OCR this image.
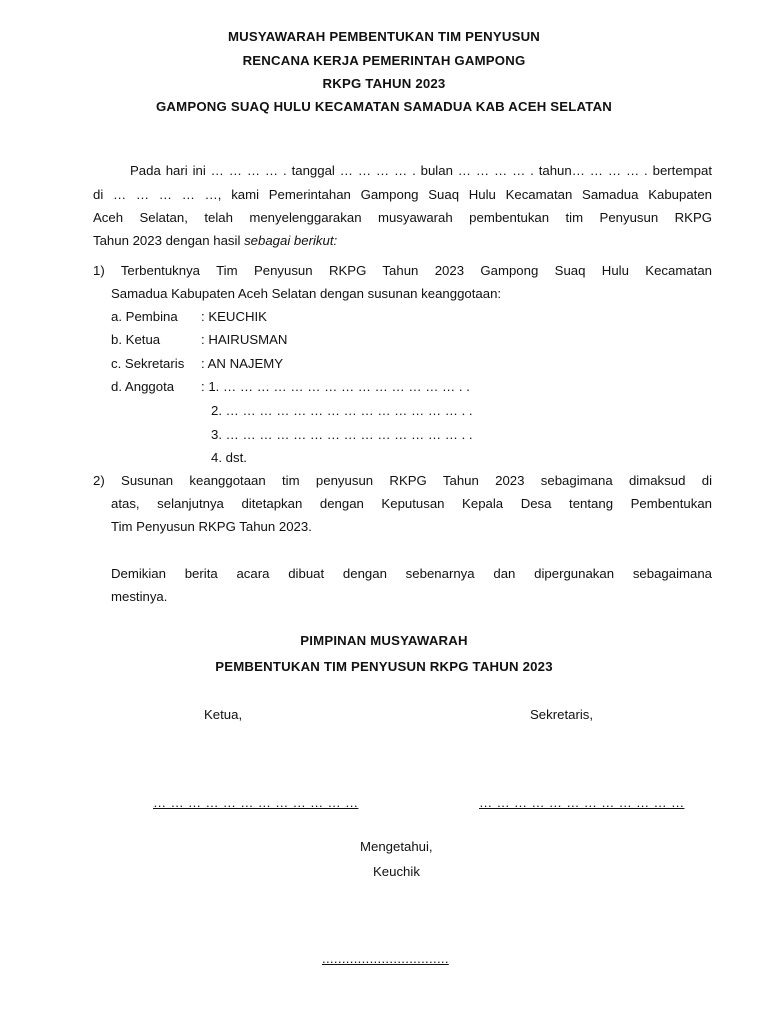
MUSYAWARAH PEMBENTUKAN TIM PENYUSUN
RENCANA KERJA PEMERINTAH GAMPONG
RKPG TAHUN 2023
GAMPONG SUAQ HULU KECAMATAN SAMADUA KAB ACEH SELATAN
Pada hari ini … … … … . tanggal … … … … . bulan … … … … . tahun… … … … . bertempat
di … … … … …, kami Pemerintahan Gampong Suaq Hulu Kecamatan Samadua Kabupaten
Aceh Selatan, telah menyelenggarakan musyawarah pembentukan tim Penyusun RKPG
Tahun 2023 dengan hasil sebagai berikut:
1) Terbentuknya Tim Penyusun RKPG Tahun 2023 Gampong Suaq Hulu Kecamatan
Samadua Kabupaten Aceh Selatan dengan susunan keanggotaan:
a. Pembina : KEUCHIK
b. Ketua	: HAIRUSMAN
c. Sekretaris : AN NAJEMY
d. Anggota : 1. … … … … … … … … … … … … … … . .
2. … … … … … … … … … … … … … … . .
3. … … … … … … … … … … … … … … . .
4. dst.
2) Susunan keanggotaan tim penyusun RKPG Tahun 2023 sebagimana dimaksud di
atas, selanjutnya ditetapkan dengan Keputusan Kepala Desa tentang Pembentukan
Tim Penyusun RKPG Tahun 2023.
Demikian berita acara dibuat dengan sebenarnya dan dipergunakan sebagaimana
mestinya.
PIMPINAN MUSYAWARAH
PEMBENTUKAN TIM PENYUSUN RKPG TAHUN 2023
Ketua,	Sekretaris,
… … … … … … … … … … … …	… … … … … … … … … … … …
Mengetahui,
Keuchik
................................
